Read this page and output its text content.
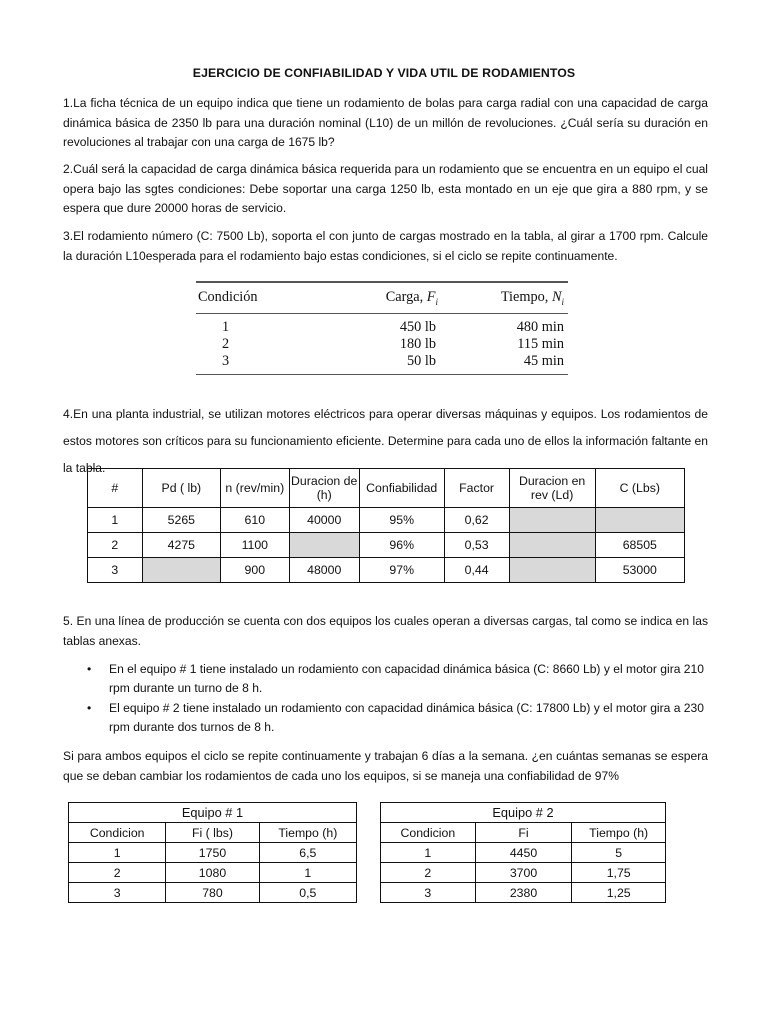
EJERCICIO DE CONFIABILIDAD Y VIDA UTIL DE RODAMIENTOS

1.La ficha técnica de un equipo indica que tiene un rodamiento de bolas para carga radial con una capacidad de carga dinámica básica de 2350 lb para una duración nominal (L10) de un millón de revoluciones. ¿Cuál sería su duración en revoluciones al trabajar con una carga de 1675 lb?

2.Cuál será la capacidad de carga dinámica básica requerida para un rodamiento que se encuentra en un equipo el cual opera bajo las sgtes condiciones: Debe soportar una carga 1250 lb, esta montado en un eje que gira a 880 rpm, y se espera que dure 20000 horas de servicio.

3.El rodamiento número (C: 7500 Lb), soporta el con junto de cargas mostrado en la tabla, al girar a 1700 rpm. Calcule la duración L10esperada para el rodamiento bajo estas condiciones, si el ciclo se repite continuamente.

Condición	Carga, $F_i$	Tiempo, $N_i$
1	450 lb	480 min
2	180 lb	115 min
3	50 lb	45 min

4.En una planta industrial, se utilizan motores eléctricos para operar diversas máquinas y equipos. Los rodamientos de estos motores son críticos para su funcionamiento eficiente. Determine para cada uno de ellos la información faltante en la tabla.

#	Pd ( lb)	n (rev/min)	Duracion de (h)	Confiabilidad	Factor	Duracion en rev (Ld)	C (Lbs)
1	5265	610	40000	95%	0,62		
2	4275	1100		96%	0,53		68505
3		900	48000	97%	0,44		53000

5. En una línea de producción se cuenta con dos equipos los cuales operan a diversas cargas, tal como se indica en las tablas anexas.

• En el equipo # 1 tiene instalado un rodamiento con capacidad dinámica básica (C: 8660 Lb) y el motor gira 210 rpm durante un turno de 8 h.
• El equipo # 2 tiene instalado un rodamiento con capacidad dinámica básica (C: 17800 Lb) y el motor gira a 230 rpm durante dos turnos de 8 h.

Si para ambos equipos el ciclo se repite continuamente y trabajan 6 días a la semana. ¿en cuántas semanas se espera que se deban cambiar los rodamientos de cada uno los equipos, si se maneja una confiabilidad de 97%

Equipo # 1		
Condicion	Fi ( lbs)	Tiempo (h)
1	1750	6,5
2	1080	1
3	780	0,5
Equipo # 2		
Condicion	Fi	Tiempo (h)
1	4450	5
2	3700	1,75
3	2380	1,25
